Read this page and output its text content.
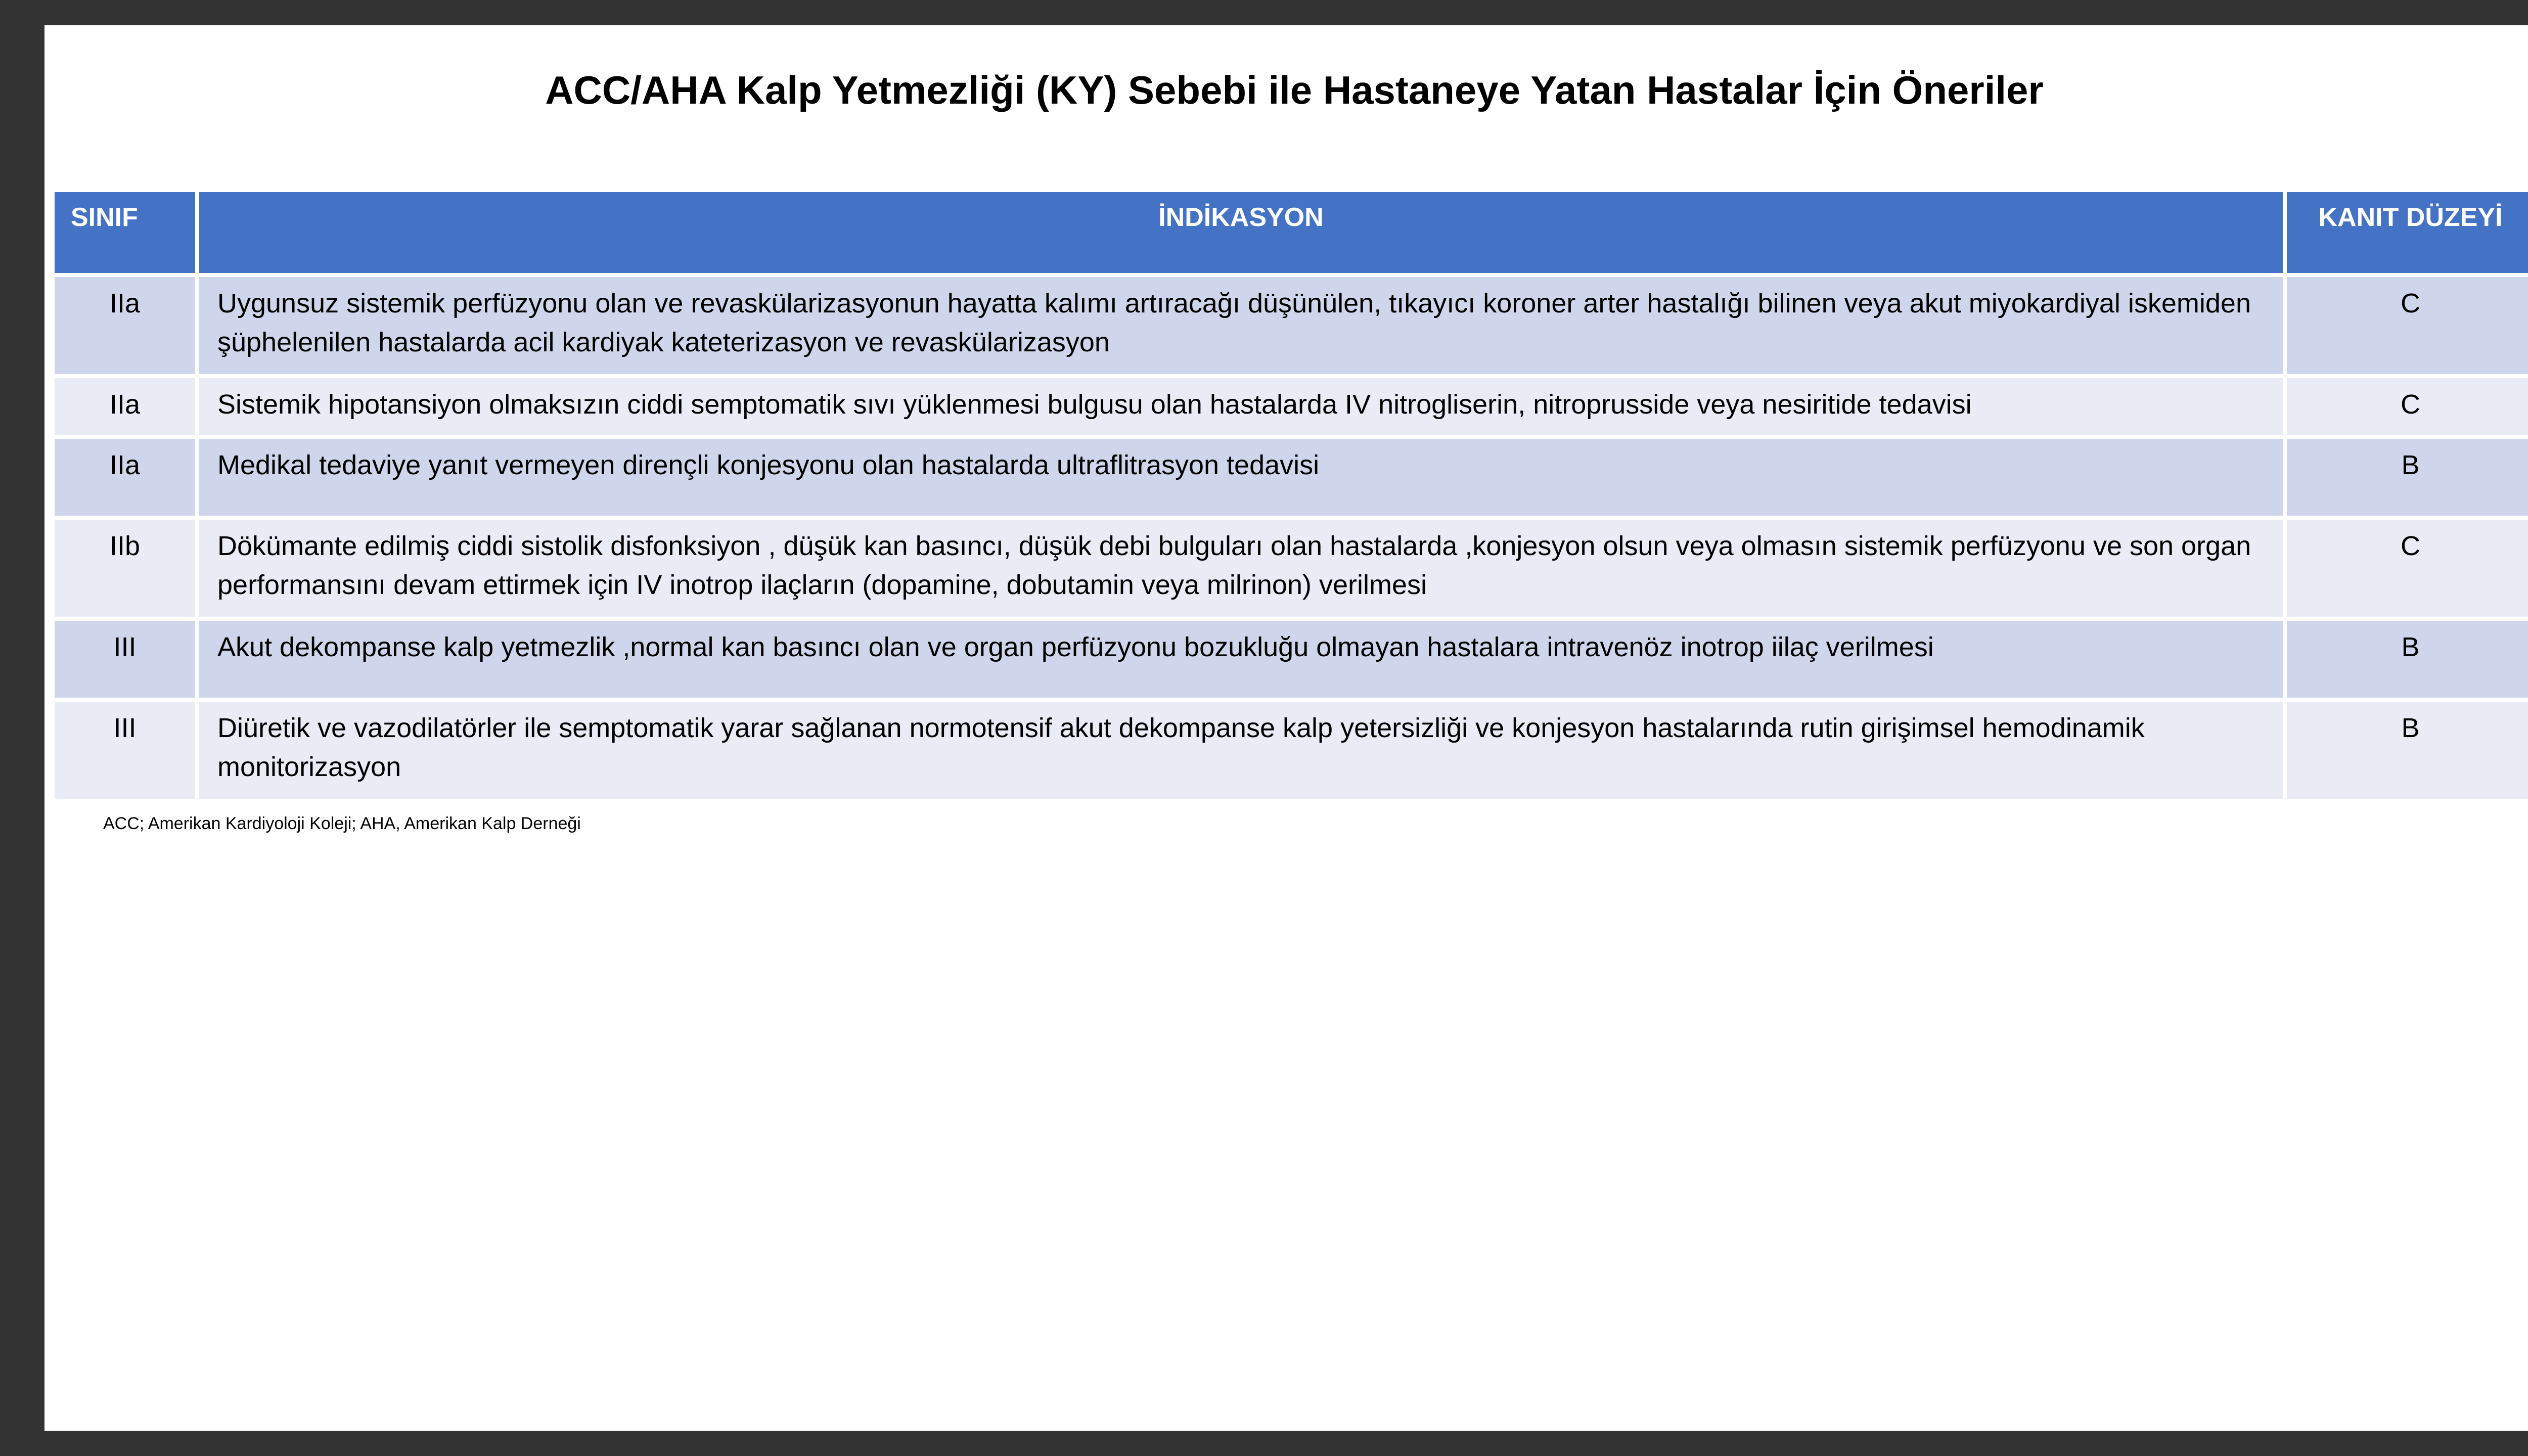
ACC/AHA Kalp Yetmezliği (KY) Sebebi ile Hastaneye Yatan Hastalar İçin Öneriler
SINIF	İNDİKASYON	KANIT DÜZEYİ
IIa	Uygunsuz sistemik perfüzyonu olan ve revaskülarizasyonun hayatta kalımı artıracağı düşünülen, tıkayıcı koroner arter hastalığı bilinen veya akut miyokardiyal iskemiden şüphelenilen hastalarda acil kardiyak kateterizasyon ve revaskülarizasyon	C
IIa	Sistemik hipotansiyon olmaksızın ciddi semptomatik sıvı yüklenmesi bulgusu olan hastalarda IV nitrogliserin, nitroprusside veya nesiritide tedavisi	C
IIa	Medikal tedaviye yanıt vermeyen dirençli konjesyonu olan hastalarda ultraflitrasyon tedavisi	B
IIb	Dökümante edilmiş ciddi sistolik disfonksiyon , düşük kan basıncı, düşük debi bulguları olan hastalarda ,konjesyon olsun veya olmasın sistemik perfüzyonu ve son organ performansını devam ettirmek için IV inotrop ilaçların (dopamine, dobutamin veya milrinon) verilmesi	C
III	Akut dekompanse kalp yetmezlik ,normal kan basıncı olan ve organ perfüzyonu bozukluğu olmayan hastalara intravenöz inotrop iilaç verilmesi	B
III	Diüretik ve vazodilatörler ile semptomatik yarar sağlanan normotensif akut dekompanse kalp yetersizliği ve konjesyon hastalarında rutin girişimsel hemodinamik monitorizasyon	B
ACC; Amerikan Kardiyoloji Koleji; AHA, Amerikan Kalp Derneği
